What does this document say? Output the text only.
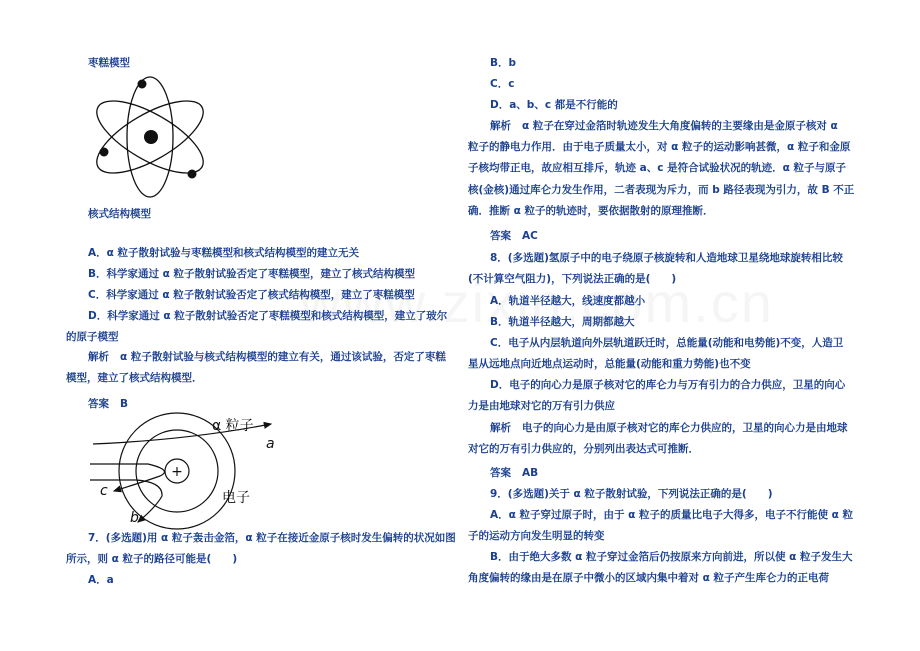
枣糕模型
核式结构模型
A．α 粒子散射试验与枣糕模型和核式结构模型的建立无关
B．科学家通过 α 粒子散射试验否定了枣糕模型，建立了核式结构模型
C．科学家通过 α 粒子散射试验否定了核式结构模型，建立了枣糕模型
D．科学家通过 α 粒子散射试验否定了枣糕模型和核式结构模型，建立了玻尔
的原子模型
解析 α 粒子散射试验与核式结构模型的建立有关，通过该试验，否定了枣糕
模型，建立了核式结构模型．
答案 B
+
α 粒子
a
c
b
电子
7．(多选题)用 α 粒子轰击金箔，α 粒子在接近金原子核时发生偏转的状况如图
所示，则 α 粒子的路径可能是(　　)
A．a
B．b
C．c
D．a、b、c 都是不行能的
解析 α 粒子在穿过金箔时轨迹发生大角度偏转的主要缘由是金原子核对 α
粒子的静电力作用．由于电子质量太小，对 α 粒子的运动影响甚微，α 粒子和金原
子核均带正电，故应相互排斥，轨迹 a、c 是符合试验状况的轨迹．α 粒子与原子
核(金核)通过库仑力发生作用，二者表现为斥力，而 b 路径表现为引力，故 B 不正
确．推断 α 粒子的轨迹时，要依据散射的原理推断．
答案 AC
8．(多选题)氢原子中的电子绕原子核旋转和人造地球卫星绕地球旋转相比较
(不计算空气阻力)，下列说法正确的是(　　)
A．轨道半径越大，线速度都越小
B．轨道半径越大，周期都越大
C．电子从内层轨道向外层轨道跃迁时，总能量(动能和电势能)不变，人造卫
星从远地点向近地点运动时，总能量(动能和重力势能)也不变
D．电子的向心力是原子核对它的库仑力与万有引力的合力供应，卫星的向心
力是由地球对它的万有引力供应
解析 电子的向心力是由原子核对它的库仑力供应的，卫星的向心力是由地球
对它的万有引力供应的，分别列出表达式可推断．
答案 AB
9．(多选题)关于 α 粒子散射试验，下列说法正确的是(　　)
A．α 粒子穿过原子时，由于 α 粒子的质量比电子大得多，电子不行能使 α 粒
子的运动方向发生明显的转变
B．由于绝大多数 α 粒子穿过金箔后仍按原来方向前进，所以使 α 粒子发生大
角度偏转的缘由是在原子中微小的区域内集中着对 α 粒子产生库仑力的正电荷
